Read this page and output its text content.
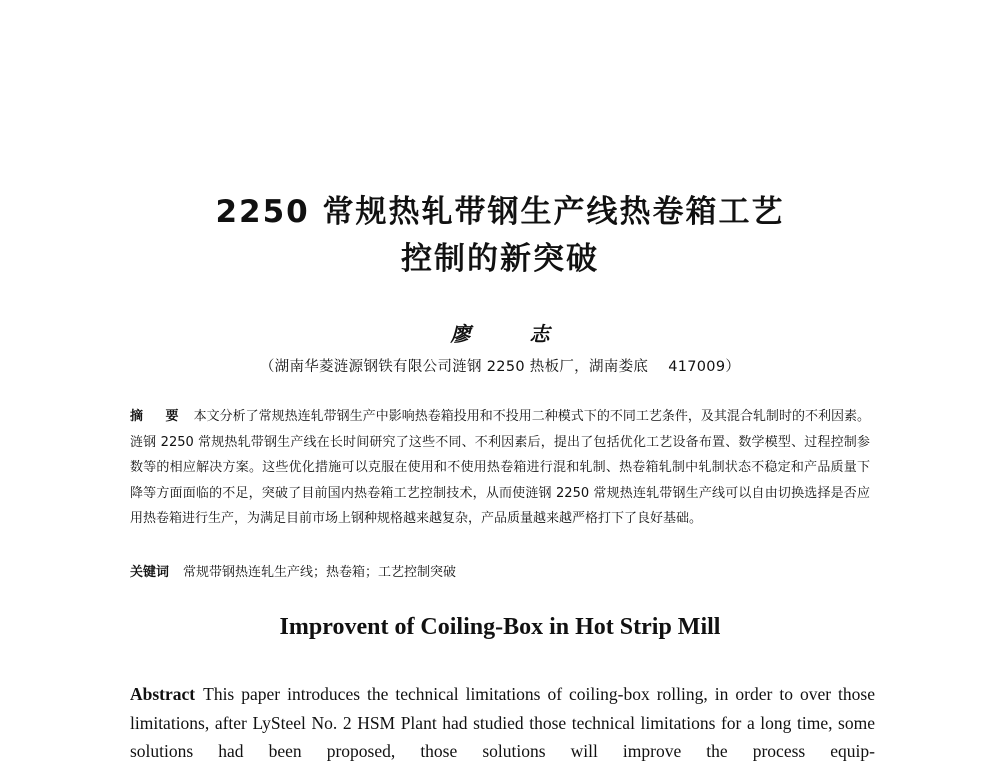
2250 常规热轧带钢生产线热卷箱工艺
控制的新突破
廖 志
（湖南华菱涟源钢铁有限公司涟钢 2250 热板厂，湖南娄底 417009）

摘 要 本文分析了常规热连轧带钢生产中影响热卷箱投用和不投用二种模式下的不同工艺条件，及其混合轧制时的不利因素。涟钢 2250 常规热轧带钢生产线在长时间研究了这些不同、不利因素后，提出了包括优化工艺设备布置、数学模型、过程控制参数等的相应解决方案。这些优化措施可以克服在使用和不使用热卷箱进行混和轧制、热卷箱轧制中轧制状态不稳定和产品质量下降等方面面临的不足，突破了目前国内热卷箱工艺控制技术，从而使涟钢 2250 常规热连轧带钢生产线可以自由切换选择是否应用热卷箱进行生产，为满足目前市场上钢种规格越来越复杂，产品质量越来越严格打下了良好基础。

关键词 常规带钢热连轧生产线；热卷箱；工艺控制突破
Improvent of Coiling-Box in Hot Strip Mill

Abstract This paper introduces the technical limitations of coiling-box rolling, in order to over those limitations, after LySteel No. 2 HSM Plant had studied those technical limitations for a long time, some solutions had been proposed, those solutions will improve the process equip-
